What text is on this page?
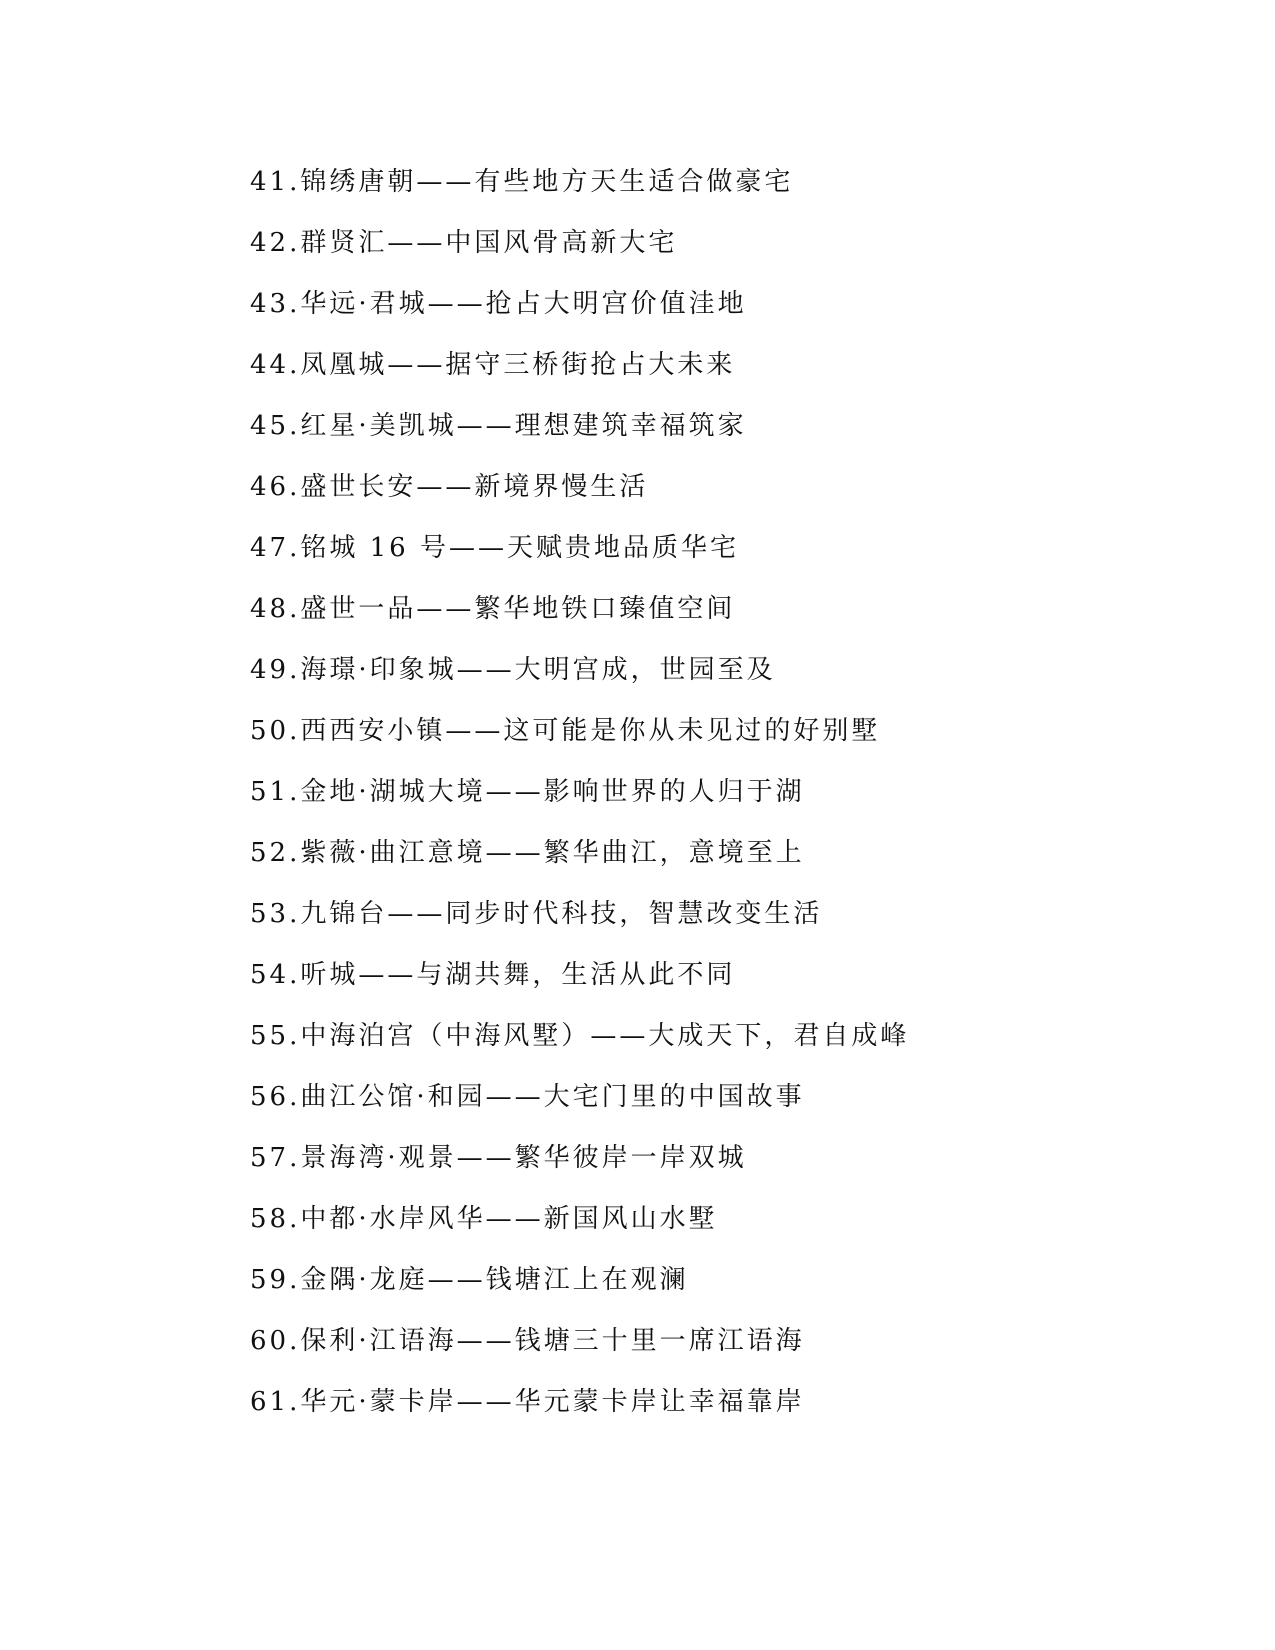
41.锦绣唐朝——有些地方天生适合做豪宅
42.群贤汇——中国风骨高新大宅
43.华远·君城——抢占大明宫价值洼地
44.凤凰城——据守三桥街抢占大未来
45.红星·美凯城——理想建筑幸福筑家
46.盛世长安——新境界慢生活
47.铭城 16 号——天赋贵地品质华宅
48.盛世一品——繁华地铁口臻值空间
49.海璟·印象城——大明宫成，世园至及
50.西西安小镇——这可能是你从未见过的好别墅
51.金地·湖城大境——影响世界的人归于湖
52.紫薇·曲江意境——繁华曲江，意境至上
53.九锦台——同步时代科技，智慧改变生活
54.听城——与湖共舞，生活从此不同
55.中海泊宫（中海风墅）——大成天下，君自成峰
56.曲江公馆·和园——大宅门里的中国故事
57.景海湾·观景——繁华彼岸一岸双城
58.中都·水岸风华——新国风山水墅
59.金隅·龙庭——钱塘江上在观澜
60.保利·江语海——钱塘三十里一席江语海
61.华元·蒙卡岸——华元蒙卡岸让幸福靠岸
